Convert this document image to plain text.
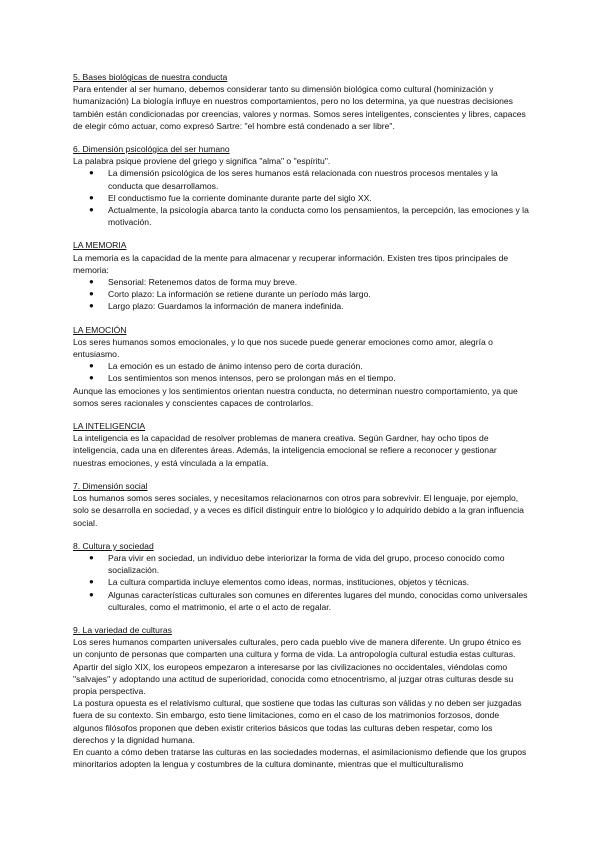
5. Bases biológicas de nuestra conducta
Para entender al ser humano, debemos considerar tanto su dimensión biológica como cultural (hominización y humanización) La biología influye en nuestros comportamientos, pero no los determina, ya que nuestras decisiones también están condicionadas por creencias, valores y normas. Somos seres inteligentes, conscientes y libres, capaces de elegir cómo actuar, como expresó Sartre: "el hombre está condenado a ser libre".
6. Dimensión psicológica del ser humano
La palabra psique proviene del griego y significa "alma" o "espíritu".
● La dimensión psicológica de los seres humanos está relacionada con nuestros procesos mentales y la conducta que desarrollamos.
● El conductismo fue la corriente dominante durante parte del siglo XX.
● Actualmente, la psicología abarca tanto la conducta como los pensamientos, la percepción, las emociones y la motivación.
LA MEMORIA
La memoria es la capacidad de la mente para almacenar y recuperar información. Existen tres tipos principales de memoria:
● Sensorial: Retenemos datos de forma muy breve.
● Corto plazo: La información se retiene durante un período más largo.
● Largo plazo: Guardamos la información de manera indefinida.
LA EMOCIÓN
Los seres humanos somos emocionales, y lo que nos sucede puede generar emociones como amor, alegría o entusiasmo.
● La emoción es un estado de ánimo intenso pero de corta duración.
● Los sentimientos son menos intensos, pero se prolongan más en el tiempo.
Aunque las emociones y los sentimientos orientan nuestra conducta, no determinan nuestro comportamiento, ya que somos seres racionales y conscientes capaces de controlarlos.
LA INTELIGENCIA
La inteligencia es la capacidad de resolver problemas de manera creativa. Según Gardner, hay ocho tipos de inteligencia, cada una en diferentes áreas. Además, la inteligencia emocional se refiere a reconocer y gestionar nuestras emociones, y está vinculada a la empatía.
7. Dimensión social
Los humanos somos seres sociales, y necesitamos relacionarnos con otros para sobrevivir. El lenguaje, por ejemplo, solo se desarrolla en sociedad, y a veces es difícil distinguir entre lo biológico y lo adquirido debido a la gran influencia social.
8. Cultura y sociedad
● Para vivir en sociedad, un individuo debe interiorizar la forma de vida del grupo, proceso conocido como socialización.
● La cultura compartida incluye elementos como ideas, normas, instituciones, objetos y técnicas.
● Algunas características culturales son comunes en diferentes lugares del mundo, conocidas como universales culturales, como el matrimonio, el arte o el acto de regalar.
9. La variedad de culturas
Los seres humanos comparten universales culturales, pero cada pueblo vive de manera diferente. Un grupo étnico es un conjunto de personas que comparten una cultura y forma de vida. La antropología cultural estudia estas culturas. Apartir del siglo XIX, los europeos empezaron a interesarse por las civilizaciones no occidentales, viéndolas como "salvajes" y adoptando una actitud de superioridad, conocida como etnocentrismo, al juzgar otras culturas desde su propia perspectiva.
La postura opuesta es el relativismo cultural, que sostiene que todas las culturas son válidas y no deben ser juzgadas fuera de su contexto. Sin embargo, esto tiene limitaciones, como en el caso de los matrimonios forzosos, donde algunos filósofos proponen que deben existir criterios básicos que todas las culturas deben respetar, como los derechos y la dignidad humana.
En cuanto a cómo deben tratarse las culturas en las sociedades modernas, el asimilacionismo defiende que los grupos minoritarios adopten la lengua y costumbres de la cultura dominante, mientras que el multiculturalismo
